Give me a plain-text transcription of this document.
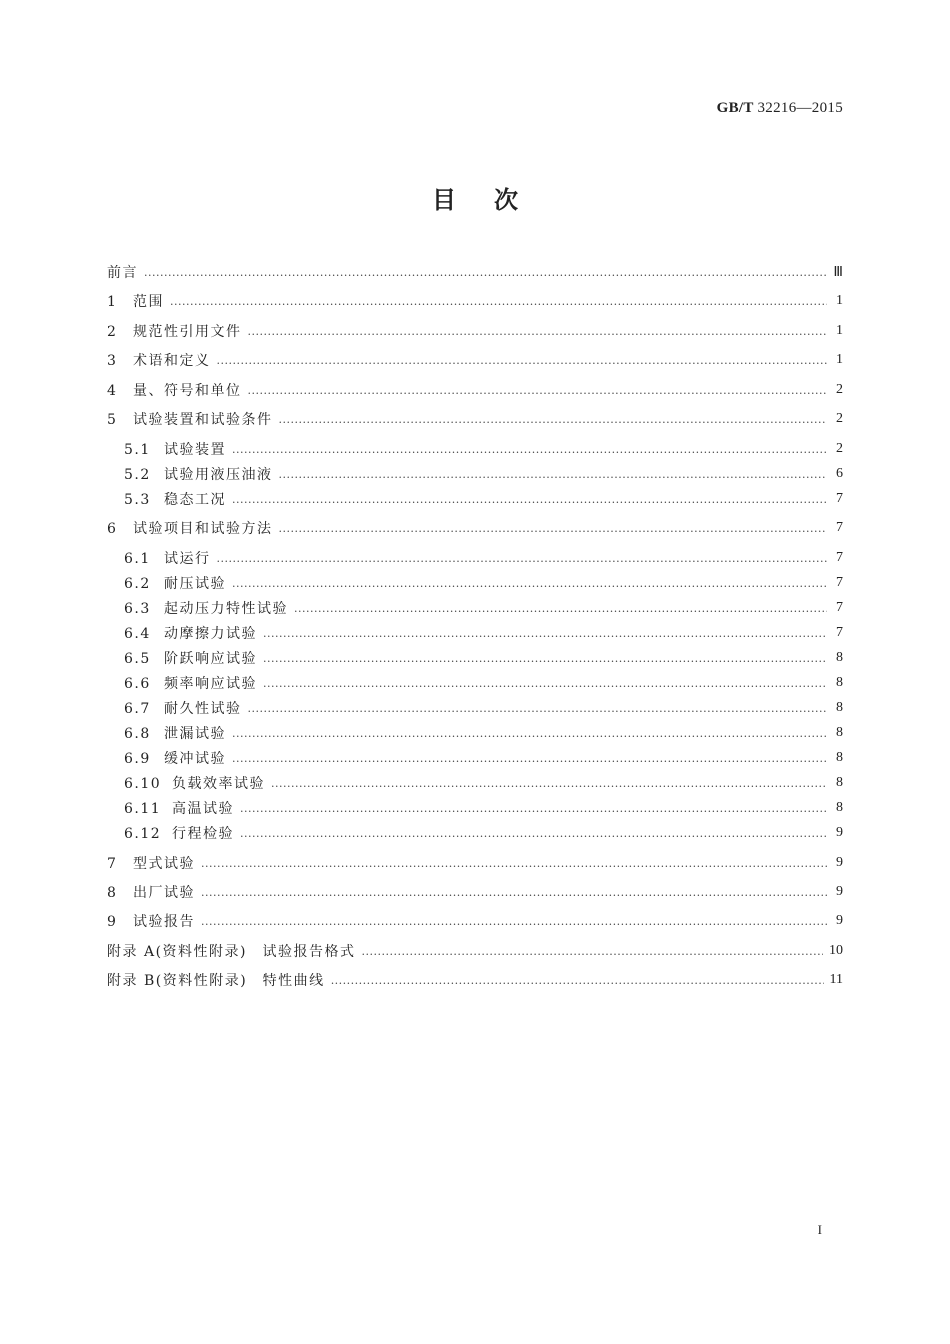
GB/T 32216—2015
目次
前言 .....	Ⅲ
1 范围 .....	1
2 规范性引用文件 .....	1
3 术语和定义 .....	1
4 量、符号和单位 .....	2
5 试验装置和试验条件 .....	2
5.1 试验装置 .....	2
5.2 试验用液压油液 .....	6
5.3 稳态工况 .....	7
6 试验项目和试验方法 .....	7
6.1 试运行 .....	7
6.2 耐压试验 .....	7
6.3 起动压力特性试验 .....	7
6.4 动摩擦力试验 .....	7
6.5 阶跃响应试验 .....	8
6.6 频率响应试验 .....	8
6.7 耐久性试验 .....	8
6.8 泄漏试验 .....	8
6.9 缓冲试验 .....	8
6.10 负载效率试验 .....	8
6.11 高温试验 .....	8
6.12 行程检验 .....	9
7 型式试验 .....	9
8 出厂试验 .....	9
9 试验报告 .....	9
附录 A(资料性附录)　试验报告格式 .....	10
附录 B(资料性附录)　特性曲线 .....	11
I
